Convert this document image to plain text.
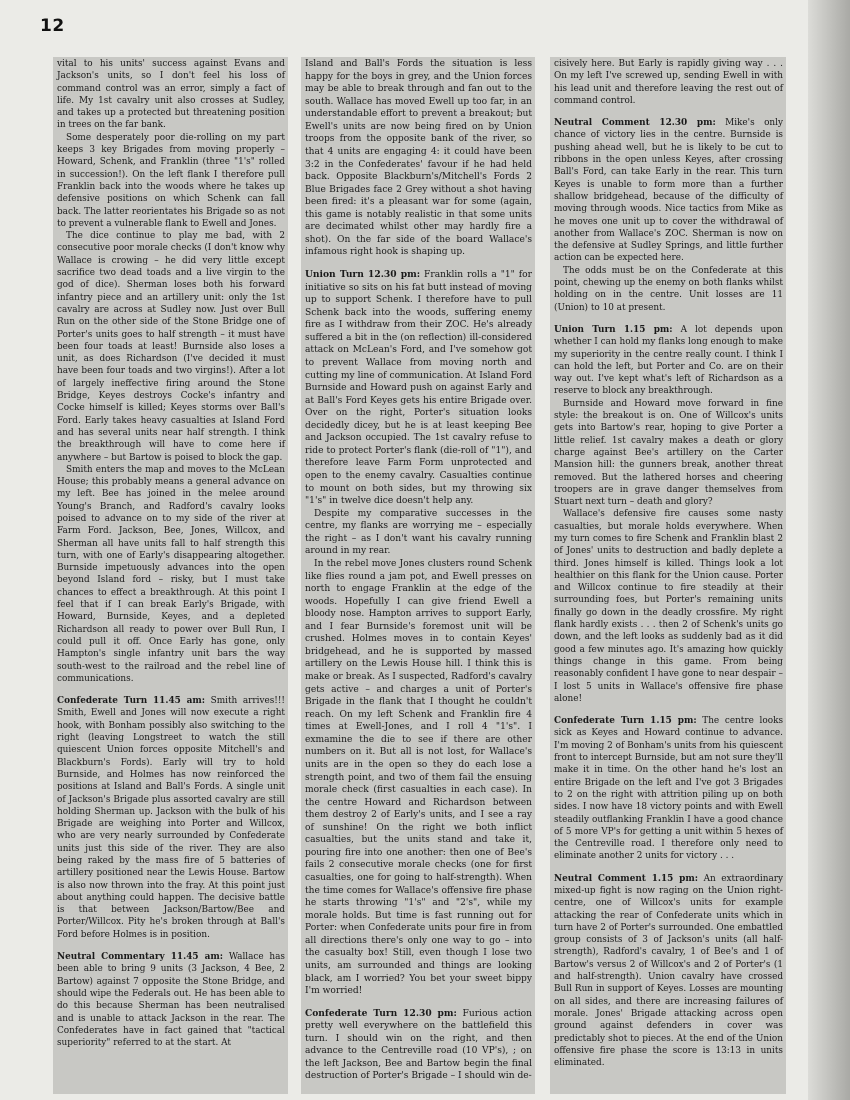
12

vital to his units' success against Evans and Jackson's units, so I don't feel his loss of command control was an error, simply a fact of life. My 1st cavalry unit also crosses at Sudley, and takes up a protected but threatening position in trees on the far bank.

Some desperately poor die-rolling on my part keeps 3 key Brigades from moving properly – Howard, Schenk, and Franklin (three "1's" rolled in succession!). On the left flank I therefore pull Franklin back into the woods where he takes up defensive positions on which Schenk can fall back. The latter reorientates his Brigade so as not to prevent a vulnerable flank to Ewell and Jones.

The dice continue to play me bad, with 2 consecutive poor morale checks (I don't know why Wallace is crowing – he did very little except sacrifice two dead toads and a live virgin to the god of dice). Sherman loses both his forward infantry piece and an artillery unit: only the 1st cavalry are across at Sudley now. Just over Bull Run on the other side of the Stone Bridge one of Porter's units goes to half strength – it must have been four toads at least! Burnside also loses a unit, as does Richardson (I've decided it must have been four toads and two virgins!). After a lot of largely ineffective firing around the Stone Bridge, Keyes destroys Cocke's infantry and Cocke himself is killed; Keyes storms over Ball's Ford. Early takes heavy casualties at Island Ford and has several units near half strength. I think the breakthrough will have to come here if anywhere – but Bartow is poised to block the gap.

Smith enters the map and moves to the McLean House; this probably means a general advance on my left. Bee has joined in the melee around Young's Branch, and Radford's cavalry looks poised to advance on to my side of the river at Farm Ford. Jackson, Bee, Jones, Willcox, and Sherman all have units fall to half strength this turn, with one of Early's disappearing altogether. Burnside impetuously advances into the open beyond Island ford – risky, but I must take chances to effect a breakthrough. At this point I feel that if I can break Early's Brigade, with Howard, Burnside, Keyes, and a depleted Richardson all ready to power over Bull Run, I could pull it off. Once Early has gone, only Hampton's single infantry unit bars the way south-west to the railroad and the rebel line of communications.

Confederate Turn 11.45 am: Smith arrives!!! Smith, Ewell and Jones will now execute a right hook, with Bonham possibly also switching to the right (leaving Longstreet to watch the still quiescent Union forces opposite Mitchell's and Blackburn's Fords). Early will try to hold Burnside, and Holmes has now reinforced the positions at Island and Ball's Fords. A single unit of Jackson's Brigade plus assorted cavalry are still holding Sherman up. Jackson with the bulk of his Brigade are weighing into Porter and Willcox, who are very nearly surrounded by Confederate units just this side of the river. They are also being raked by the mass fire of 5 batteries of artillery positioned near the Lewis House. Bartow is also now thrown into the fray. At this point just about anything could happen. The decisive battle is that between Jackson/Bartow/Bee and Porter/Willcox. Pity he's broken through at Ball's Ford before Holmes is in position.

Neutral Commentary 11.45 am: Wallace has been able to bring 9 units (3 Jackson, 4 Bee, 2 Bartow) against 7 opposite the Stone Bridge, and should wipe the Federals out. He has been able to do this because Sherman has been neutralised and is unable to attack Jackson in the rear. The Confederates have in fact gained that "tactical superiority" referred to at the start. At

Island and Ball's Fords the situation is less happy for the boys in grey, and the Union forces may be able to break through and fan out to the south. Wallace has moved Ewell up too far, in an understandable effort to prevent a breakout; but Ewell's units are now being fired on by Union troops from the opposite bank of the river, so that 4 units are engaging 4: it could have been 3:2 in the Confederates' favour if he had held back. Opposite Blackburn's/Mitchell's Fords 2 Blue Brigades face 2 Grey without a shot having been fired: it's a pleasant war for some (again, this game is notably realistic in that some units are decimated whilst other may hardly fire a shot). On the far side of the board Wallace's infamous right hook is shaping up.

Union Turn 12.30 pm: Franklin rolls a "1" for initiative so sits on his fat butt instead of moving up to support Schenk. I therefore have to pull Schenk back into the woods, suffering enemy fire as I withdraw from their ZOC. He's already suffered a bit in the (on reflection) ill-considered attack on McLean's Ford, and I've somehow got to prevent Wallace from moving north and cutting my line of communication. At Island Ford Burnside and Howard push on against Early and at Ball's Ford Keyes gets his entire Brigade over. Over on the right, Porter's situation looks decidedly dicey, but he is at least keeping Bee and Jackson occupied. The 1st cavalry refuse to ride to protect Porter's flank (die-roll of "1"), and therefore leave Farm Form unprotected and open to the enemy cavalry. Casualties continue to mount on both sides, but my throwing six "1's" in twelve dice doesn't help any.

Despite my comparative successes in the centre, my flanks are worrying me – especially the right – as I don't want his cavalry running around in my rear.

In the rebel move Jones clusters round Schenk like flies round a jam pot, and Ewell presses on north to engage Franklin at the edge of the woods. Hopefully I can give friend Ewell a bloody nose. Hampton arrives to support Early, and I fear Burnside's foremost unit will be crushed. Holmes moves in to contain Keyes' bridgehead, and he is supported by massed artillery on the Lewis House hill. I think this is make or break. As I suspected, Radford's cavalry gets active – and charges a unit of Porter's Brigade in the flank that I thought he couldn't reach. On my left Schenk and Franklin fire 4 times at Ewell-Jones, and I roll 4 "1's". I exmamine the die to see if there are other numbers on it. But all is not lost, for Wallace's units are in the open so they do each lose a strength point, and two of them fail the ensuing morale check (first casualties in each case). In the centre Howard and Richardson between them destroy 2 of Early's units, and I see a ray of sunshine! On the right we both inflict casualties, but the units stand and take it, pouring fire into one another: then one of Bee's fails 2 consecutive morale checks (one for first casualties, one for going to half-strength). When the time comes for Wallace's offensive fire phase he starts throwing "1's" and "2's", while my morale holds. But time is fast running out for Porter: when Confederate units pour fire in from all directions there's only one way to go – into the casualty box! Still, even though I lose two units, am surrounded and things are looking black, am I worried? You bet your sweet bippy I'm worried!

Confederate Turn 12.30 pm: Furious action pretty well everywhere on the battlefield this turn. I should win on the right, and then advance to the Centreville road (10 VP's), ; on the left Jackson, Bee and Bartow begin the final destruction of Porter's Brigade – I should win de-

cisively here. But Early is rapidly giving way . . . On my left I've screwed up, sending Ewell in with his lead unit and therefore leaving the rest out of command control.

Neutral Comment 12.30 pm: Mike's only chance of victory lies in the centre. Burnside is pushing ahead well, but he is likely to be cut to ribbons in the open unless Keyes, after crossing Ball's Ford, can take Early in the rear. This turn Keyes is unable to form more than a further shallow bridgehead, because of the difficulty of moving through woods. Nice tactics from Mike as he moves one unit up to cover the withdrawal of another from Wallace's ZOC. Sherman is now on the defensive at Sudley Springs, and little further action can be expected here.

The odds must be on the Confederate at this point, chewing up the enemy on both flanks whilst holding on in the centre. Unit losses are 11 (Union) to 10 at present.

Union Turn 1.15 pm: A lot depends upon whether I can hold my flanks long enough to make my superiority in the centre really count. I think I can hold the left, but Porter and Co. are on their way out. I've kept what's left of Richardson as a reserve to block any breakthrough.

Burnside and Howard move forward in fine style: the breakout is on. One of Willcox's units gets into Bartow's rear, hoping to give Porter a little relief. 1st cavalry makes a death or glory charge against Bee's artillery on the Carter Mansion hill: the gunners break, another threat removed. But the lathered horses and cheering troopers are in grave danger themselves from Stuart next turn – death and glory?

Wallace's defensive fire causes some nasty casualties, but morale holds everywhere. When my turn comes to fire Schenk and Franklin blast 2 of Jones' units to destruction and badly deplete a third. Jones himself is killed. Things look a lot healthier on this flank for the Union cause. Porter and Willcox continue to fire steadily at their surrounding foes, but Porter's remaining units finally go down in the deadly crossfire. My right flank hardly exists . . . then 2 of Schenk's units go down, and the left looks as suddenly bad as it did good a few minutes ago. It's amazing how quickly things change in this game. From being reasonably confident I have gone to near despair – I lost 5 units in Wallace's offensive fire phase alone!

Confederate Turn 1.15 pm: The centre looks sick as Keyes and Howard continue to advance. I'm moving 2 of Bonham's units from his quiescent front to intercept Burnside, but am not sure they'll make it in time. On the other hand he's lost an entire Brigade on the left and I've got 3 Brigades to 2 on the right with attrition piling up on both sides. I now have 18 victory points and with Ewell steadily outflanking Franklin I have a good chance of 5 more VP's for getting a unit within 5 hexes of the Centreville road. I therefore only need to eliminate another 2 units for victory . . .

Neutral Comment 1.15 pm: An extraordinary mixed-up fight is now raging on the Union right-centre, one of Willcox's units for example attacking the rear of Confederate units which in turn have 2 of Porter's surrounded. One embattled group consists of 3 of Jackson's units (all half-strength), Radford's cavalry, 1 of Bee's and 1 of Bartow's versus 2 of Willcox's and 2 of Porter's (1 and half-strength). Union cavalry have crossed Bull Run in support of Keyes. Losses are mounting on all sides, and there are increasing failures of morale. Jones' Brigade attacking across open ground against defenders in cover was predictably shot to pieces. At the end of the Union offensive fire phase the score is 13:13 in units eliminated.
